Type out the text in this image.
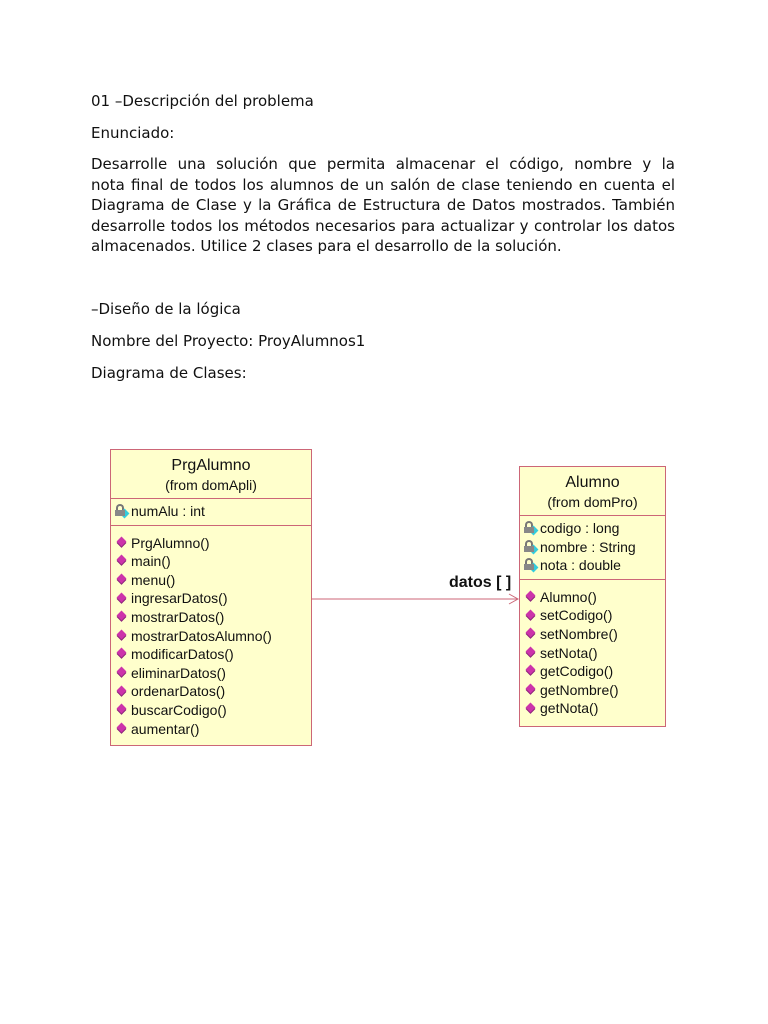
01 –Descripción del problema

Enunciado:

Desarrolle una solución que permita almacenar el código, nombre y la
nota final de todos los alumnos de un salón de clase teniendo en cuenta el
Diagrama de Clase y la Gráfica de Estructura de Datos mostrados. También
desarrolle todos los métodos necesarios para actualizar y controlar los datos
almacenados. Utilice 2 clases para el desarrollo de la solución.

–Diseño de la lógica

Nombre del Proyecto: ProyAlumnos1

Diagrama de Clases:

PrgAlumno
(from domApli)
numAlu : int
PrgAlumno()
main()
menu()
ingresarDatos()
mostrarDatos()
mostrarDatosAlumno()
modificarDatos()
eliminarDatos()
ordenarDatos()
buscarCodigo()
aumentar()
Alumno
(from domPro)
codigo : long
nombre : String
nota : double
Alumno()
setCodigo()
setNombre()
setNota()
getCodigo()
getNombre()
getNota()
datos [ ]
